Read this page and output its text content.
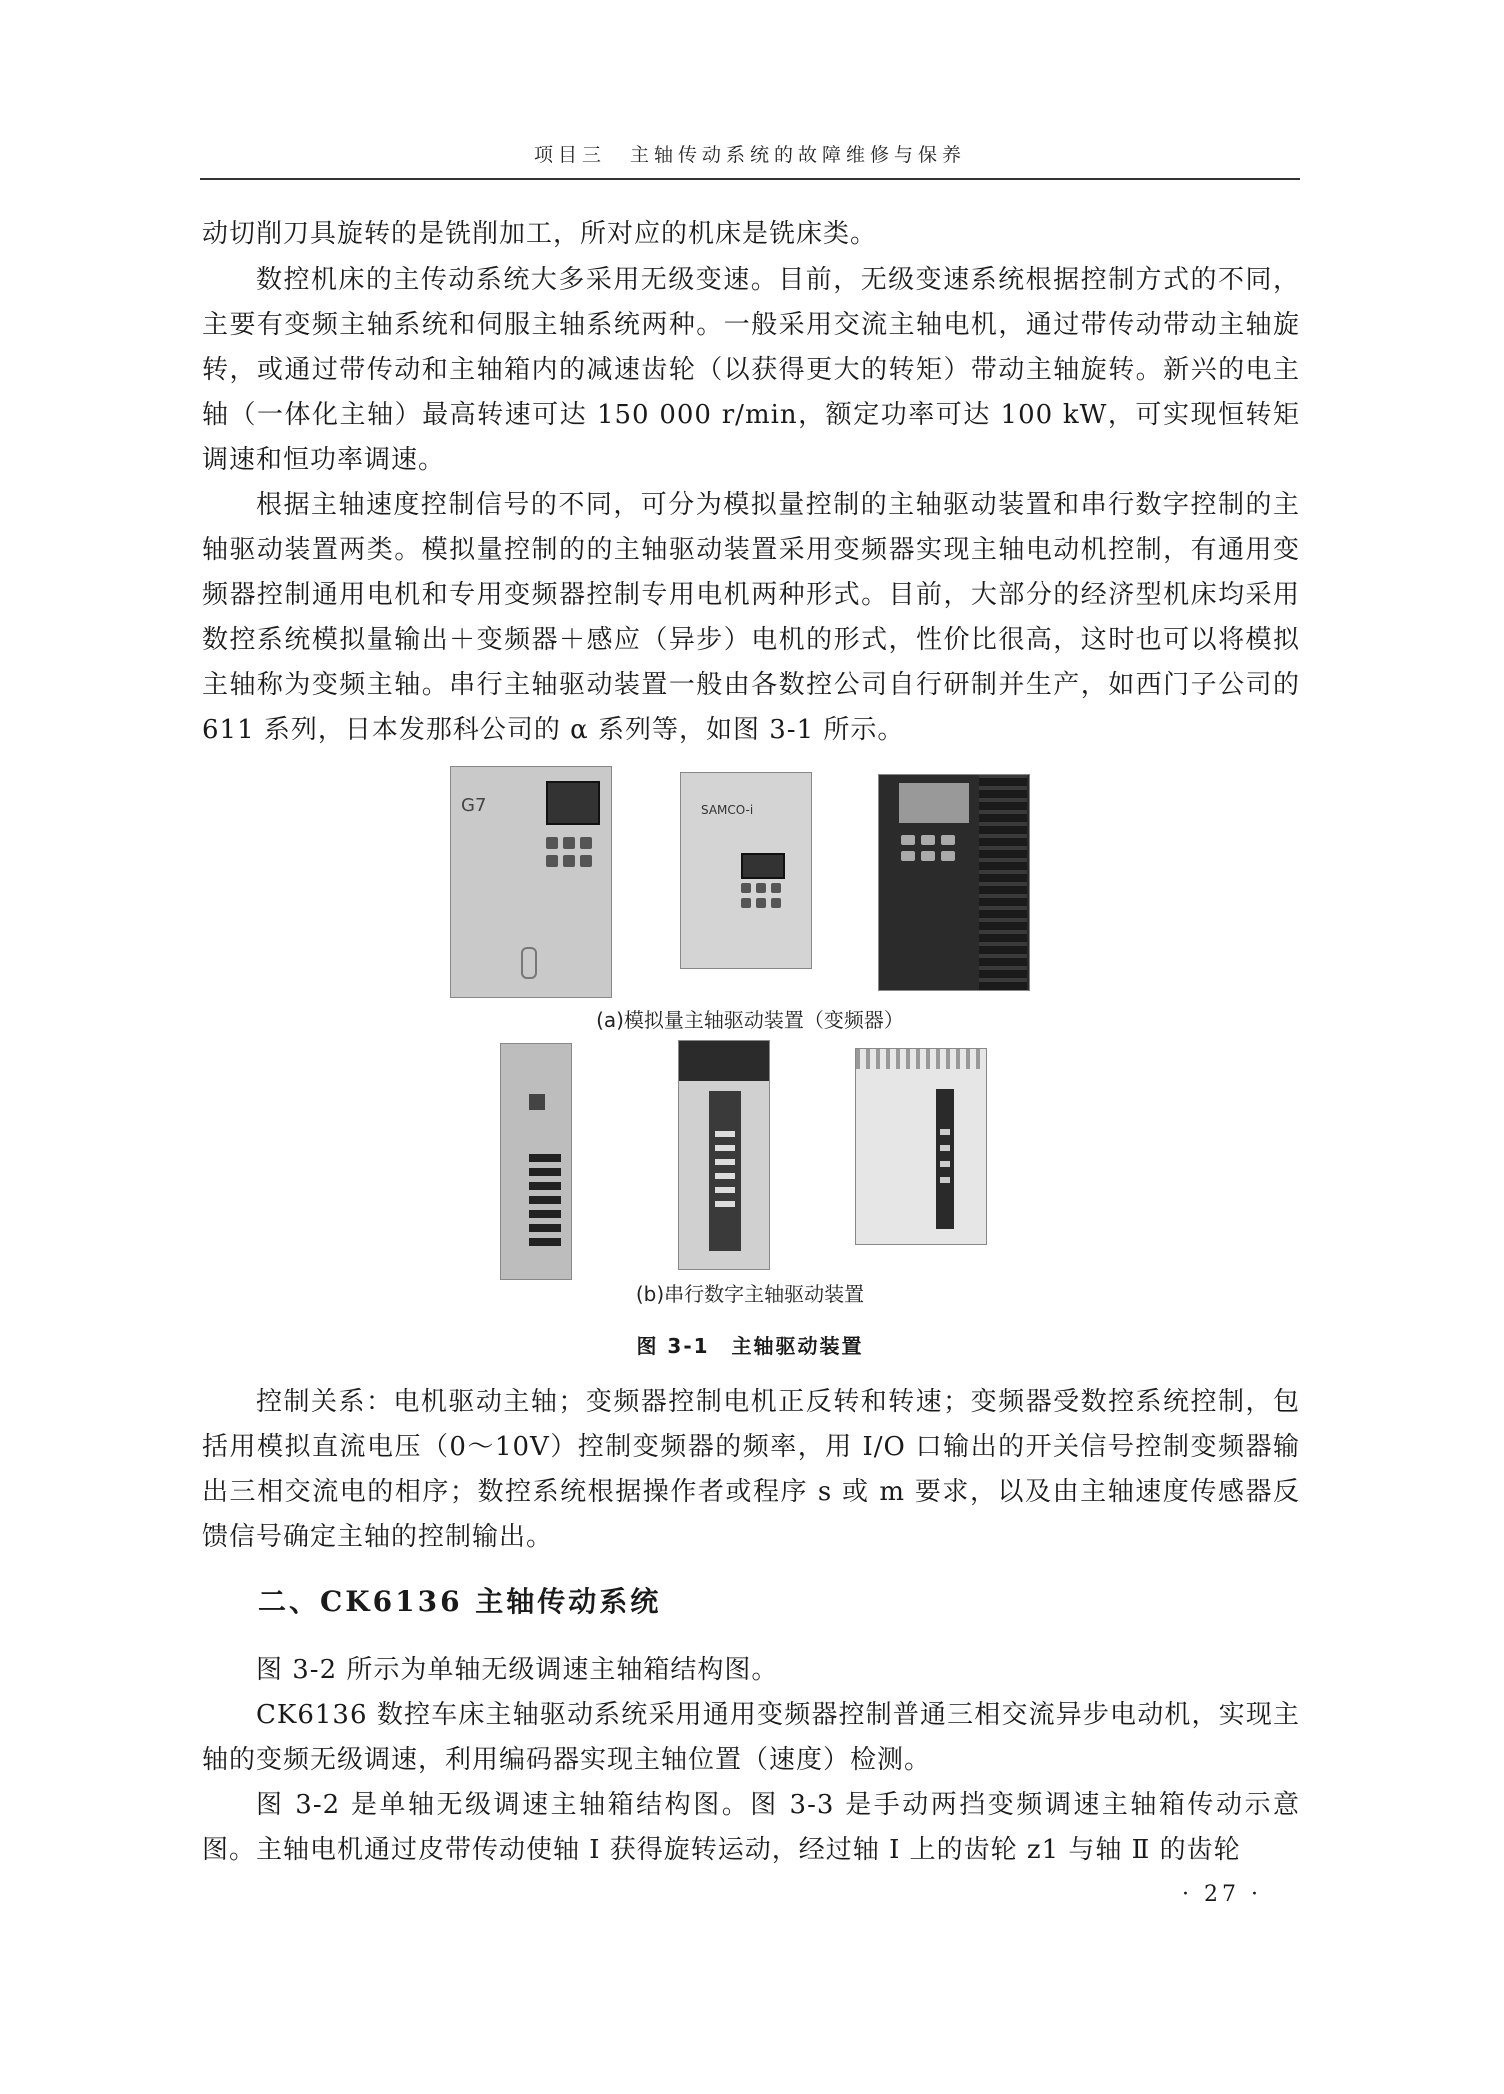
项目三　主轴传动系统的故障维修与保养

动切削刀具旋转的是铣削加工，所对应的机床是铣床类。

数控机床的主传动系统大多采用无级变速。目前，无级变速系统根据控制方式的不同，主要有变频主轴系统和伺服主轴系统两种。一般采用交流主轴电机，通过带传动带动主轴旋转，或通过带传动和主轴箱内的减速齿轮（以获得更大的转矩）带动主轴旋转。新兴的电主轴（一体化主轴）最高转速可达 150 000 r/min，额定功率可达 100 kW，可实现恒转矩调速和恒功率调速。

根据主轴速度控制信号的不同，可分为模拟量控制的主轴驱动装置和串行数字控制的主轴驱动装置两类。模拟量控制的的主轴驱动装置采用变频器实现主轴电动机控制，有通用变频器控制通用电机和专用变频器控制专用电机两种形式。目前，大部分的经济型机床均采用数控系统模拟量输出＋变频器＋感应（异步）电机的形式，性价比很高，这时也可以将模拟主轴称为变频主轴。串行主轴驱动装置一般由各数控公司自行研制并生产，如西门子公司的 611 系列，日本发那科公司的 α 系列等，如图 3-1 所示。

G7	SAMCO-i
(a)模拟量主轴驱动装置（变频器）
(b)串行数字主轴驱动装置
图 3-1　主轴驱动装置

控制关系：电机驱动主轴；变频器控制电机正反转和转速；变频器受数控系统控制，包括用模拟直流电压（0～10V）控制变频器的频率，用 I/O 口输出的开关信号控制变频器输出三相交流电的相序；数控系统根据操作者或程序 s 或 m 要求，以及由主轴速度传感器反馈信号确定主轴的控制输出。

二、CK6136 主轴传动系统

图 3-2 所示为单轴无级调速主轴箱结构图。

CK6136 数控车床主轴驱动系统采用通用变频器控制普通三相交流异步电动机，实现主轴的变频无级调速，利用编码器实现主轴位置（速度）检测。

图 3-2 是单轴无级调速主轴箱结构图。图 3-3 是手动两挡变频调速主轴箱传动示意图。主轴电机通过皮带传动使轴 Ⅰ 获得旋转运动，经过轴 Ⅰ 上的齿轮 z1 与轴 Ⅱ 的齿轮

· 27 ·
